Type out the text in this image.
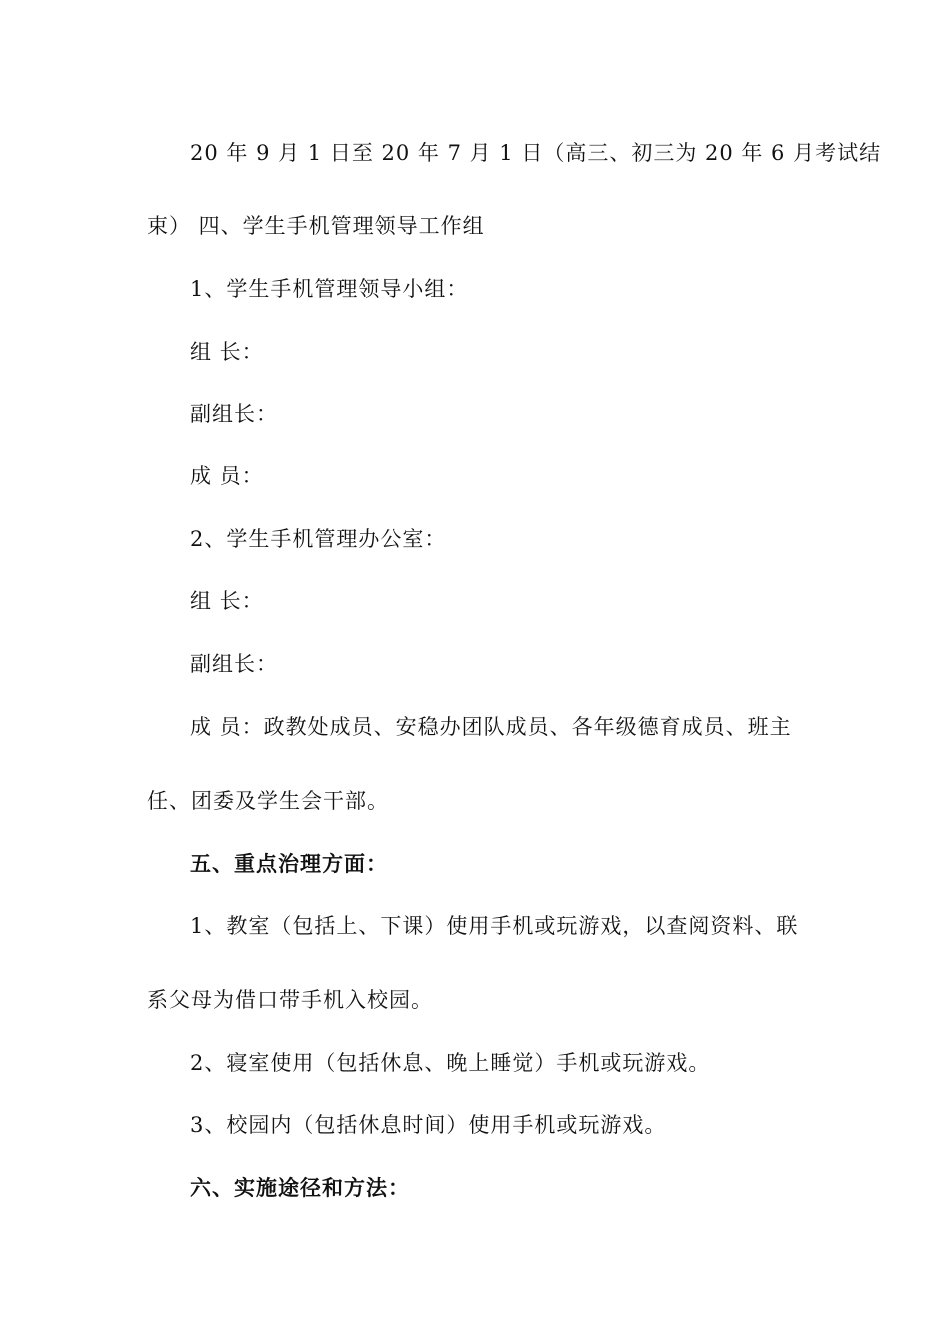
20 年 9 月 1 日至 20 年 7 月 1 日（高三、初三为 20 年 6 月考试结
束） 四、学生手机管理领导工作组
1、学生手机管理领导小组：
组 长：
副组长：
成 员：
2、学生手机管理办公室：
组 长：
副组长：
成 员：政教处成员、安稳办团队成员、各年级德育成员、班主
任、团委及学生会干部。
五、重点治理方面：
1、教室（包括上、下课）使用手机或玩游戏，以查阅资料、联
系父母为借口带手机入校园。
2、寝室使用（包括休息、晚上睡觉）手机或玩游戏。
3、校园内（包括休息时间）使用手机或玩游戏。
六、实施途径和方法：
